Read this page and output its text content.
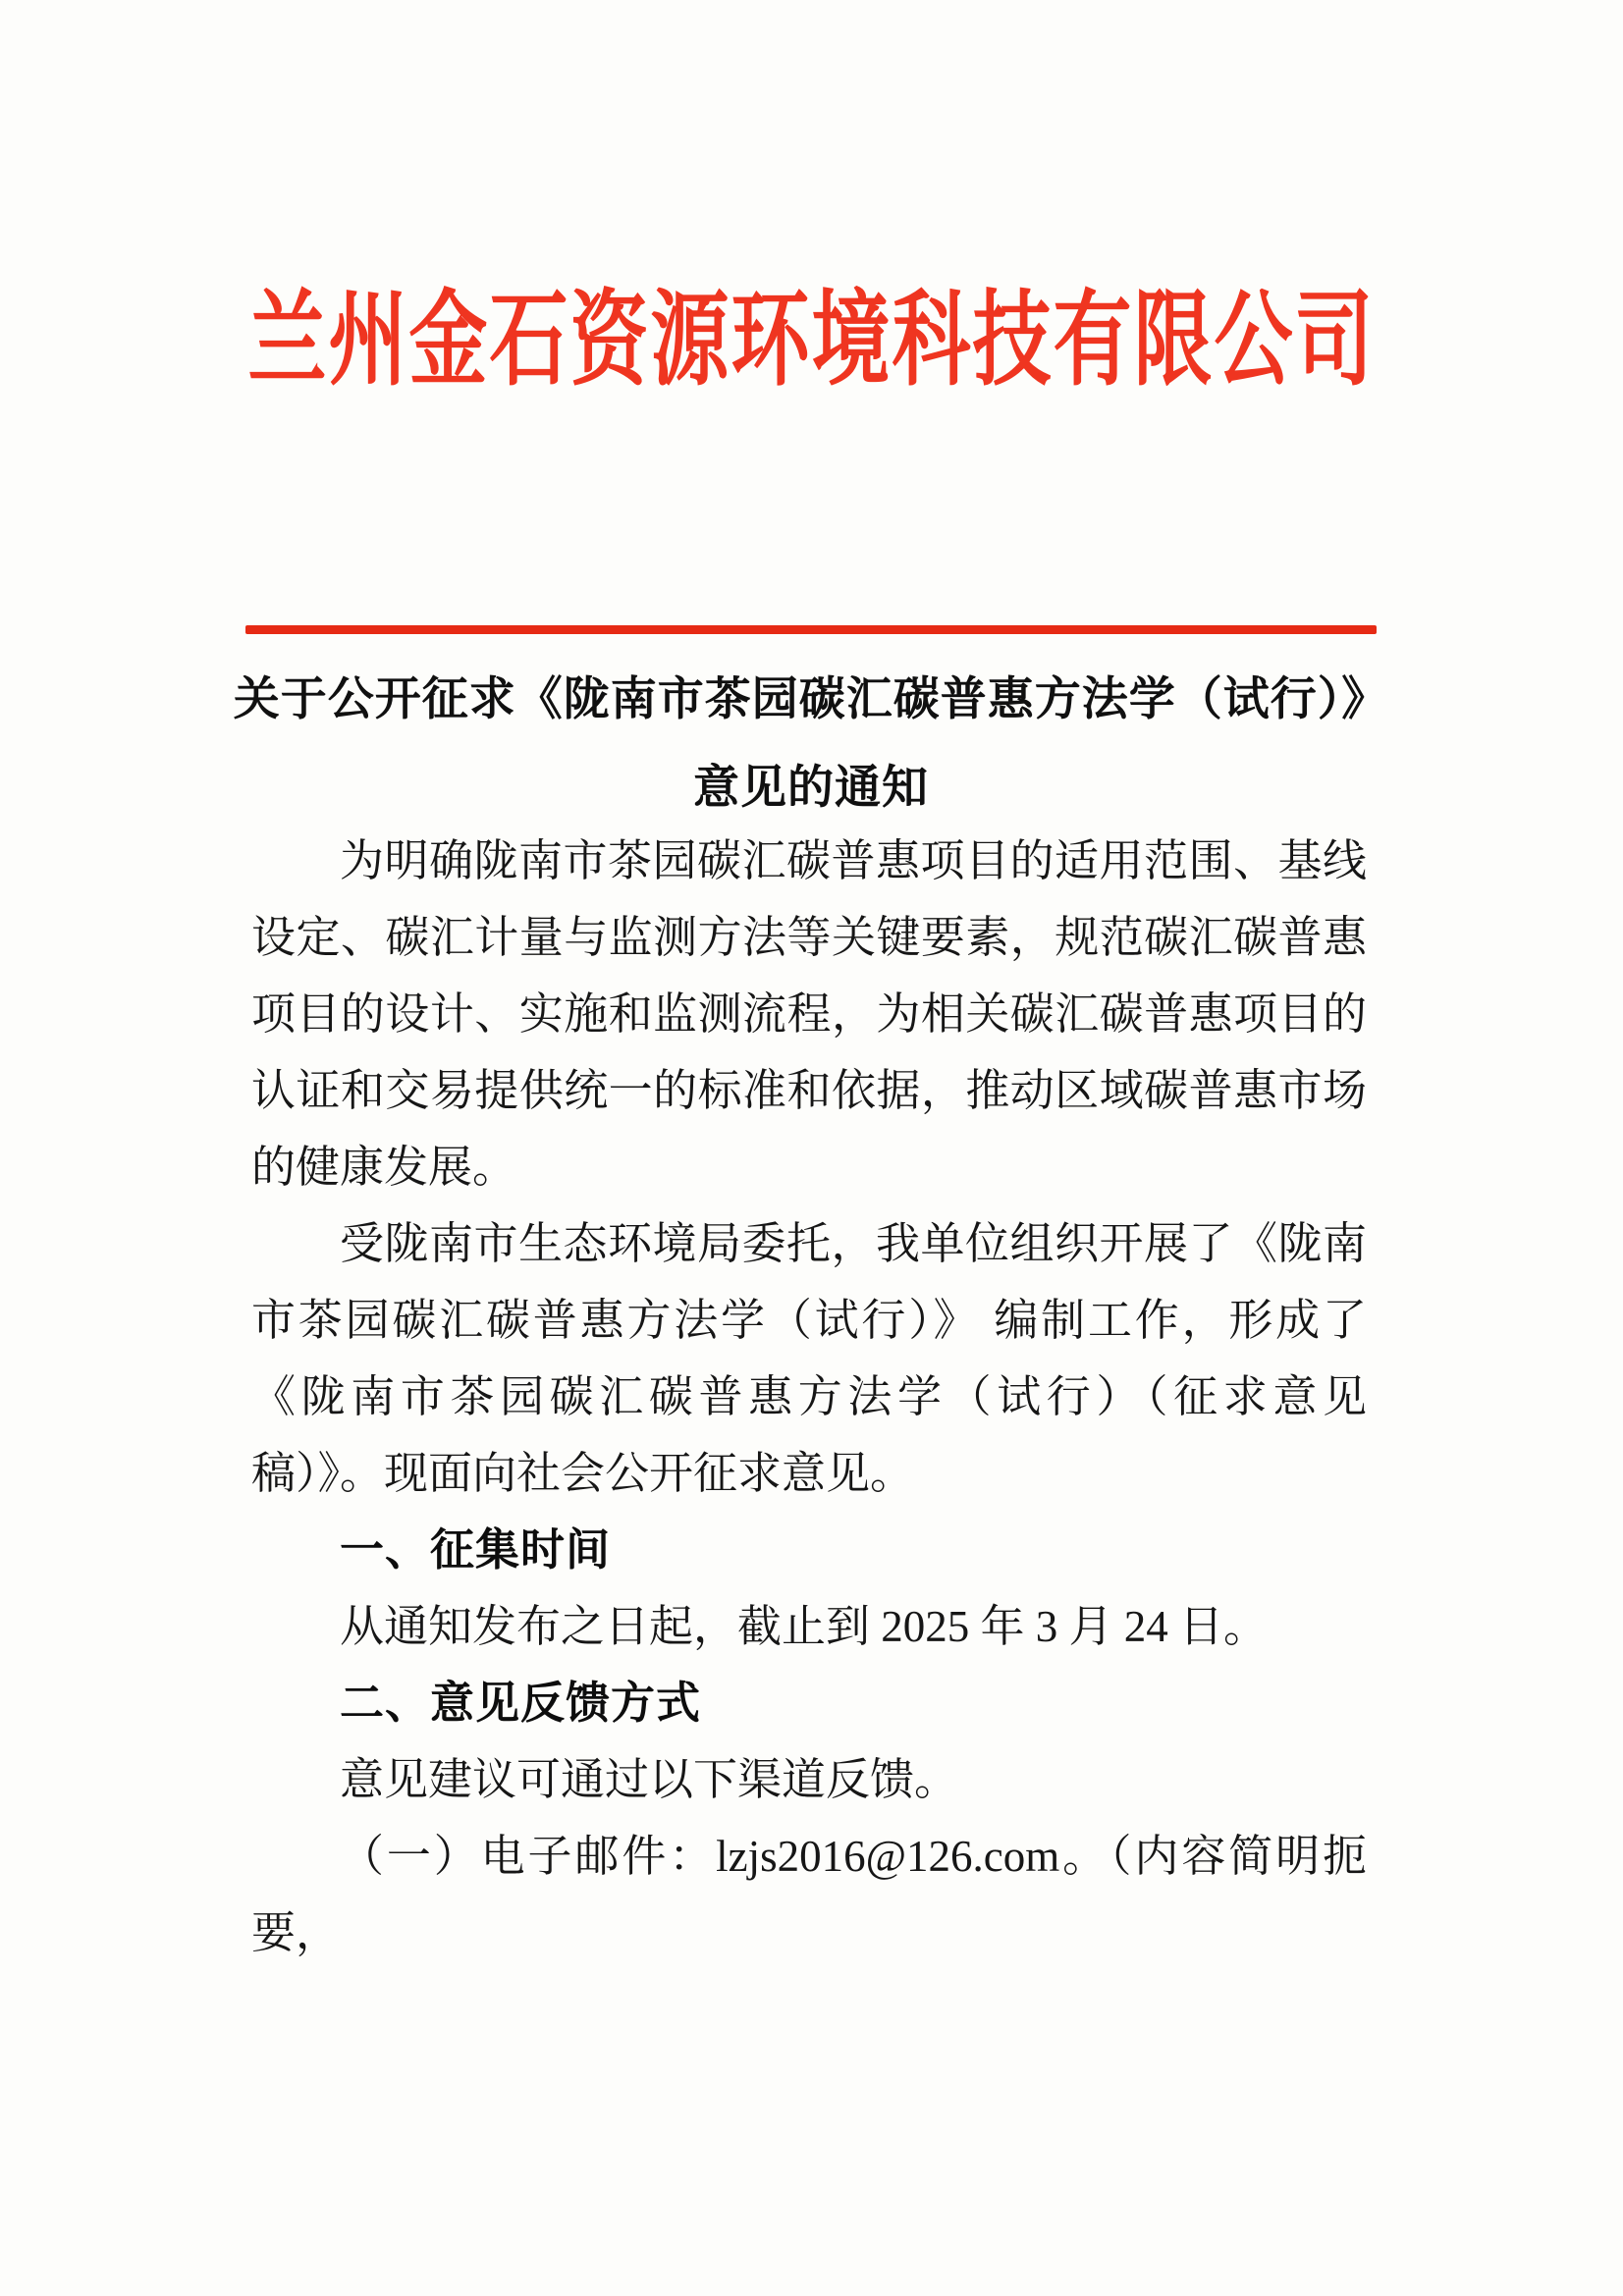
兰州金石资源环境科技有限公司
关于公开征求《陇南市茶园碳汇碳普惠方法学（试行）》
意见的通知

为明确陇南市茶园碳汇碳普惠项目的适用范围、基线设定、碳汇计量与监测方法等关键要素，规范碳汇碳普惠项目的设计、实施和监测流程，为相关碳汇碳普惠项目的认证和交易提供统一的标准和依据，推动区域碳普惠市场的健康发展。

受陇南市生态环境局委托，我单位组织开展了《陇南市茶园碳汇碳普惠方法学（试行）》 编制工作，形成了《陇南市茶园碳汇碳普惠方法学（试行）（征求意见稿）》。现面向社会公开征求意见。

一、征集时间

从通知发布之日起，截止到 2025 年 3 月 24 日。

二、意见反馈方式

意见建议可通过以下渠道反馈。

（一）电子邮件：lzjs2016@126.com。（内容简明扼要，
